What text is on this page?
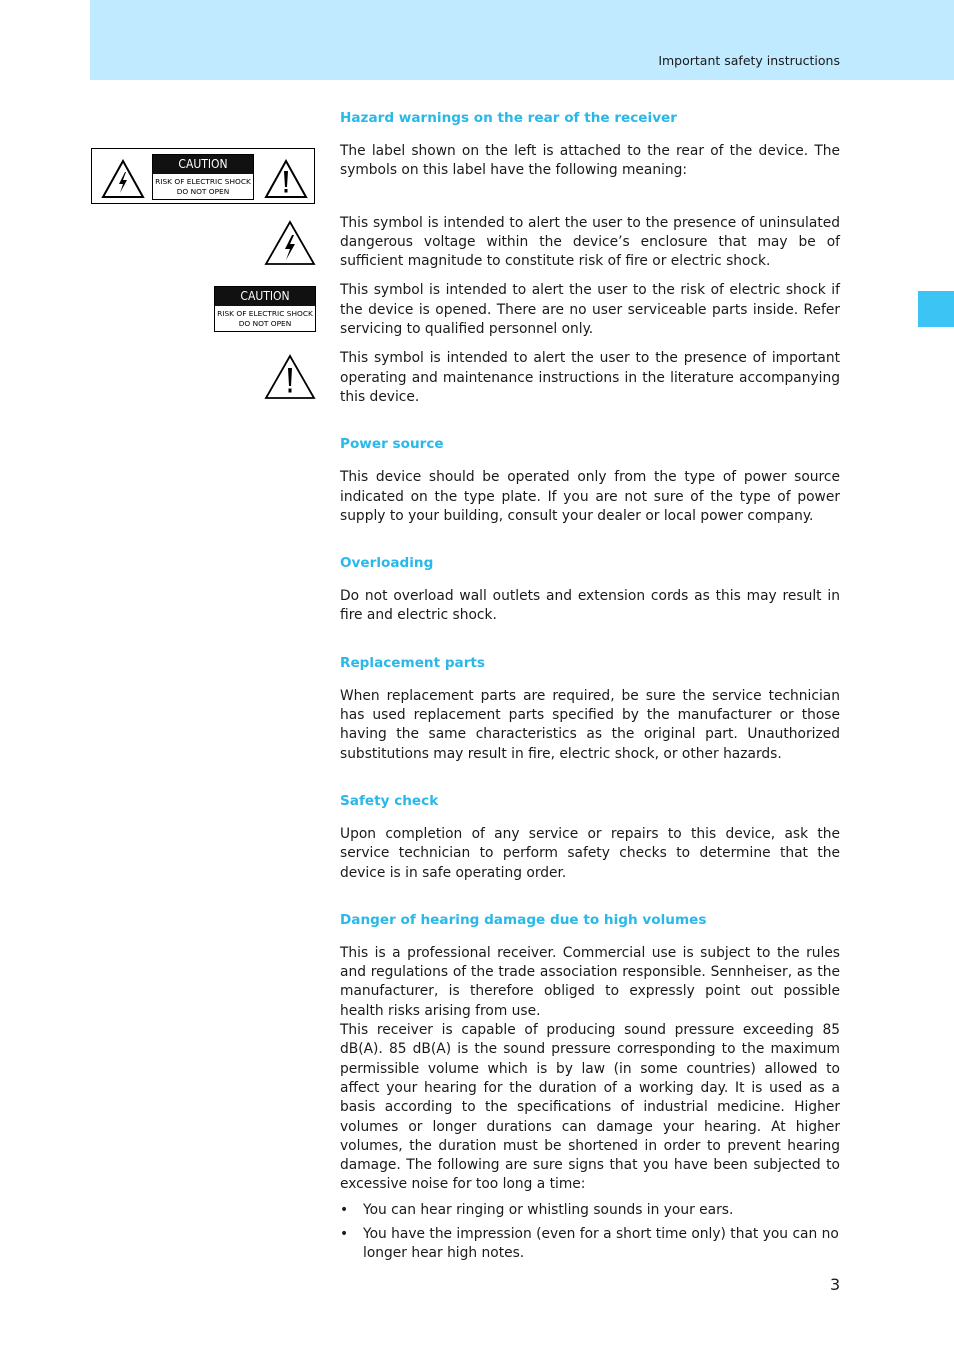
Important safety instructions
CAUTION
RISK OF ELECTRIC SHOCK
DO NOT OPEN
CAUTION
RISK OF ELECTRIC SHOCK
DO NOT OPEN
Hazard warnings on the rear of the receiver

The label shown on the left is attached to the rear of the device. The symbols on this label have the following meaning:

This symbol is intended to alert the user to the presence of uninsulated dangerous voltage within the device’s enclosure that may be of sufficient magnitude to constitute risk of fire or electric shock.

This symbol is intended to alert the user to the risk of electric shock if the device is opened. There are no user serviceable parts inside. Refer servicing to qualified personnel only.

This symbol is intended to alert the user to the presence of important operating and maintenance instructions in the literature accompanying this device.

Power source

This device should be operated only from the type of power source indicated on the type plate. If you are not sure of the type of power supply to your building, consult your dealer or local power company.

Overloading

Do not overload wall outlets and extension cords as this may result in fire and electric shock.

Replacement parts

When replacement parts are required, be sure the service technician has used replacement parts specified by the manufacturer or those having the same characteristics as the original part. Unauthorized substitutions may result in fire, electric shock, or other hazards.

Safety check

Upon completion of any service or repairs to this device, ask the service technician to perform safety checks to determine that the device is in safe operating order.

Danger of hearing damage due to high volumes

This is a professional receiver. Commercial use is subject to the rules and regulations of the trade association responsible. Sennheiser, as the manufacturer, is therefore obliged to expressly point out possible health risks arising from use.

This receiver is capable of producing sound pressure exceeding 85 dB(A). 85 dB(A) is the sound pressure corresponding to the maximum permissible volume which is by law (in some countries) allowed to affect your hearing for the duration of a working day. It is used as a basis according to the specifications of industrial medicine. Higher volumes or longer durations can damage your hearing. At higher volumes, the duration must be shortened in order to prevent hearing damage. The following are sure signs that you have been subjected to excessive noise for too long a time:

• You can hear ringing or whistling sounds in your ears.
• You have the impression (even for a short time only) that you can no longer hear high notes.
3
